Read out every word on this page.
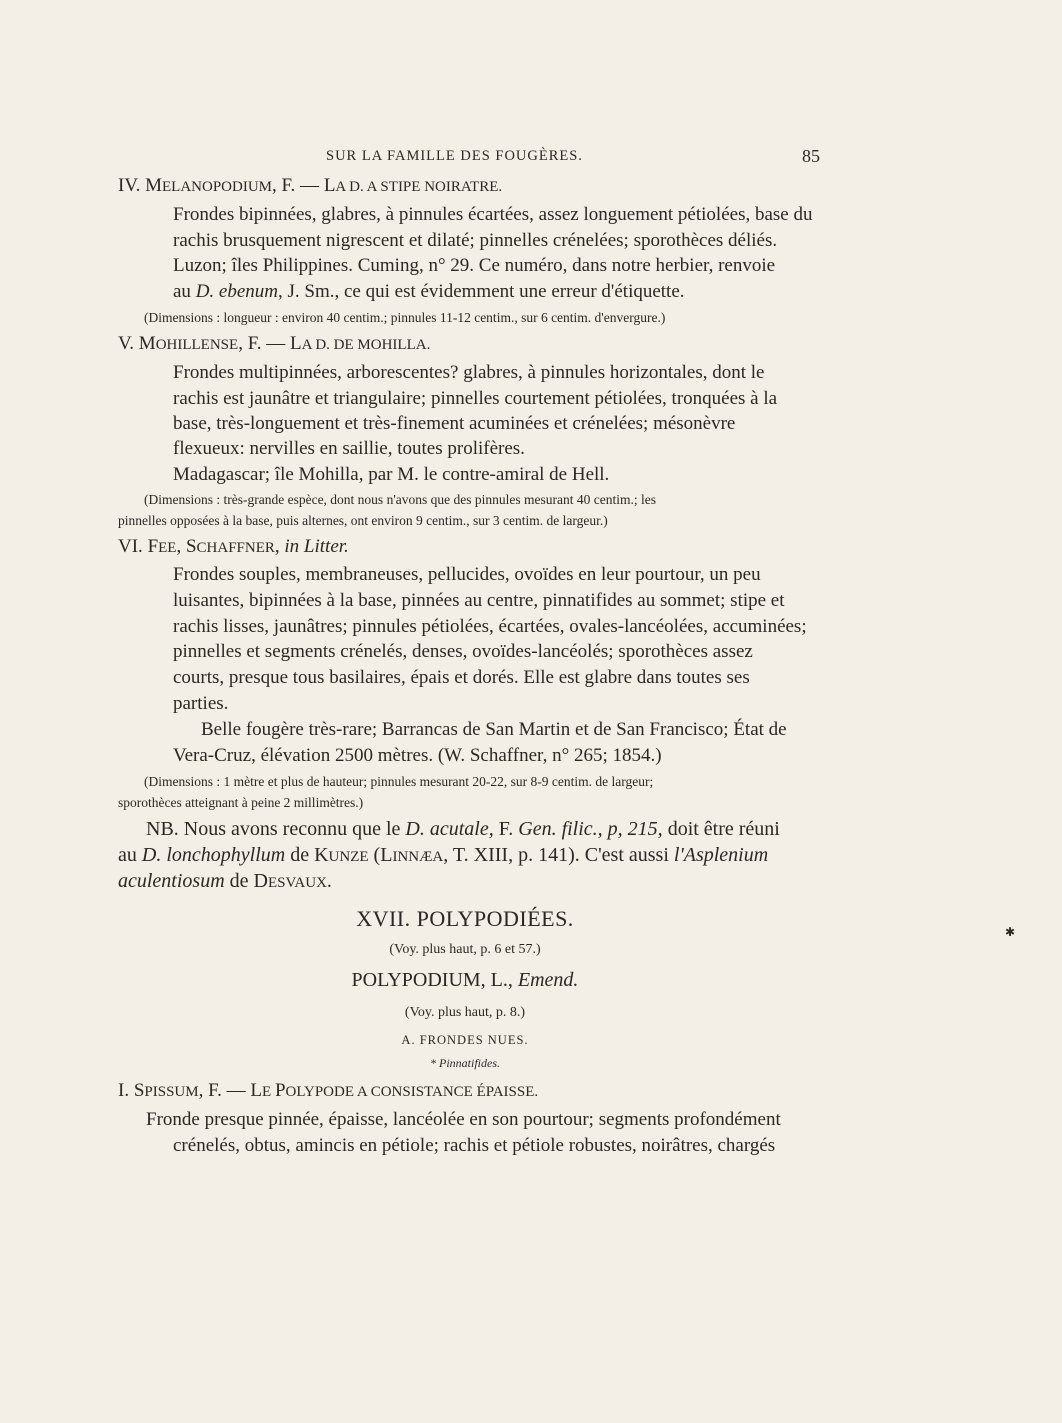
SUR LA FAMILLE DES FOUGÈRES.	85
IV. MELANOPODIUM, F. — LA D. A STIPE NOIRATRE.
Frondes bipinnées, glabres, à pinnules écartées, assez longuement pétiolées, base du
rachis brusquement nigrescent et dilaté; pinnelles crénelées; sporothèces déliés.
Luzon; îles Philippines. Cuming, n° 29. Ce numéro, dans notre herbier, renvoie
au D. ebenum, J. Sm., ce qui est évidemment une erreur d'étiquette.
(Dimensions : longueur : environ 40 centim.; pinnules 11-12 centim., sur 6 centim. d'envergure.)
V. MOHILLENSE, F. — LA D. DE MOHILLA.
Frondes multipinnées, arborescentes? glabres, à pinnules horizontales, dont le
rachis est jaunâtre et triangulaire; pinnelles courtement pétiolées, tronquées à la
base, très-longuement et très-finement acuminées et crénelées; mésonèvre
flexueux: nervilles en saillie, toutes prolifères.
Madagascar; île Mohilla, par M. le contre-amiral de Hell.
(Dimensions : très-grande espèce, dont nous n'avons que des pinnules mesurant 40 centim.; les
pinnelles opposées à la base, puis alternes, ont environ 9 centim., sur 3 centim. de largeur.)
VI. FEE, SCHAFFNER, in Litter.
Frondes souples, membraneuses, pellucides, ovoïdes en leur pourtour, un peu
luisantes, bipinnées à la base, pinnées au centre, pinnatifides au sommet; stipe et
rachis lisses, jaunâtres; pinnules pétiolées, écartées, ovales-lancéolées, accuminées;
pinnelles et segments crénelés, denses, ovoïdes-lancéolés; sporothèces assez
courts, presque tous basilaires, épais et dorés. Elle est glabre dans toutes ses
parties.
Belle fougère très-rare; Barrancas de San Martin et de San Francisco; État de
Vera-Cruz, élévation 2500 mètres. (W. Schaffner, n° 265; 1854.)
(Dimensions : 1 mètre et plus de hauteur; pinnules mesurant 20-22, sur 8-9 centim. de largeur;
sporothèces atteignant à peine 2 millimètres.)
NB. Nous avons reconnu que le D. acutale, F. Gen. filic., p, 215, doit être réuni
au D. lonchophyllum de KUNZE (LINNÆA, T. XIII, p. 141). C'est aussi l'Asplenium
aculentiosum de DESVAUX.
XVII. POLYPODIÉES.
(Voy. plus haut, p. 6 et 57.)
POLYPODIUM, L., Emend.
(Voy. plus haut, p. 8.)
A. FRONDES NUES.
* Pinnatifides.
I. SPISSUM, F. — LE POLYPODE A CONSISTANCE ÉPAISSE.
Fronde presque pinnée, épaisse, lancéolée en son pourtour; segments profondément
crénelés, obtus, amincis en pétiole; rachis et pétiole robustes, noirâtres, chargés
✱
